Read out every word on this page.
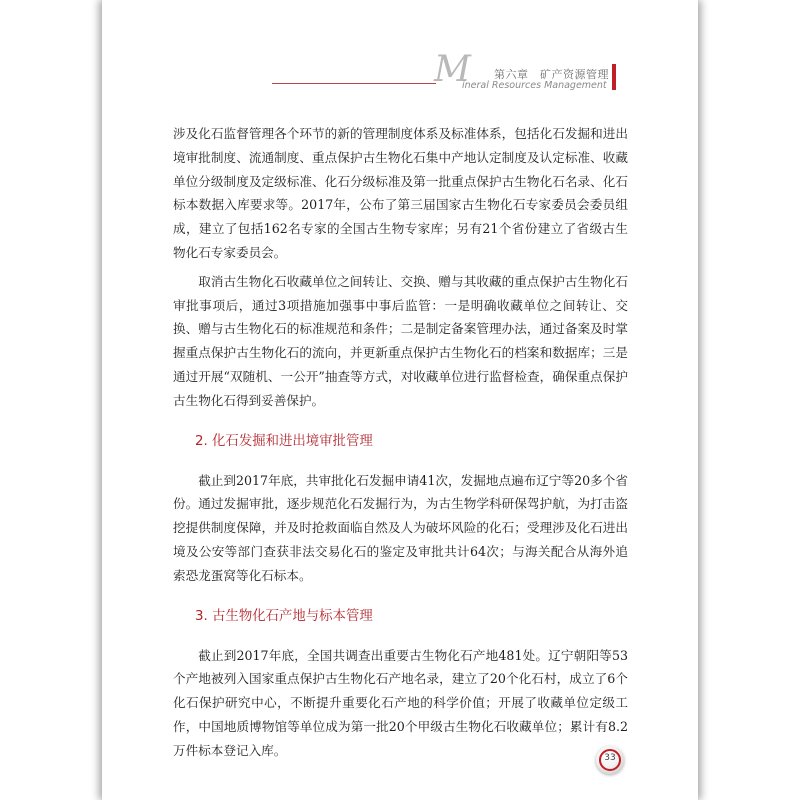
M 第六章　矿产资源管理
ineral Resources Management

涉及化石监督管理各个环节的新的管理制度体系及标准体系，包括化石发掘和进出境审批制度、流通制度、重点保护古生物化石集中产地认定制度及认定标准、收藏单位分级制度及定级标准、化石分级标准及第一批重点保护古生物化石名录、化石标本数据入库要求等。2017年，公布了第三届国家古生物化石专家委员会委员组成，建立了包括162名专家的全国古生物专家库；另有21个省份建立了省级古生物化石专家委员会。

取消古生物化石收藏单位之间转让、交换、赠与其收藏的重点保护古生物化石审批事项后，通过3项措施加强事中事后监管：一是明确收藏单位之间转让、交换、赠与古生物化石的标准规范和条件；二是制定备案管理办法，通过备案及时掌握重点保护古生物化石的流向，并更新重点保护古生物化石的档案和数据库；三是通过开展“双随机、一公开”抽查等方式，对收藏单位进行监督检查，确保重点保护古生物化石得到妥善保护。

2. 化石发掘和进出境审批管理

截止到2017年底，共审批化石发掘申请41次，发掘地点遍布辽宁等20多个省份。通过发掘审批，逐步规范化石发掘行为，为古生物学科研保驾护航，为打击盗挖提供制度保障，并及时抢救面临自然及人为破坏风险的化石；受理涉及化石进出境及公安等部门查获非法交易化石的鉴定及审批共计64次；与海关配合从海外追索恐龙蛋窝等化石标本。

3. 古生物化石产地与标本管理

截止到2017年底，全国共调查出重要古生物化石产地481处。辽宁朝阳等53个产地被列入国家重点保护古生物化石产地名录，建立了20个化石村，成立了6个化石保护研究中心，不断提升重要化石产地的科学价值；开展了收藏单位定级工作，中国地质博物馆等单位成为第一批20个甲级古生物化石收藏单位；累计有8.2万件标本登记入库。

33
